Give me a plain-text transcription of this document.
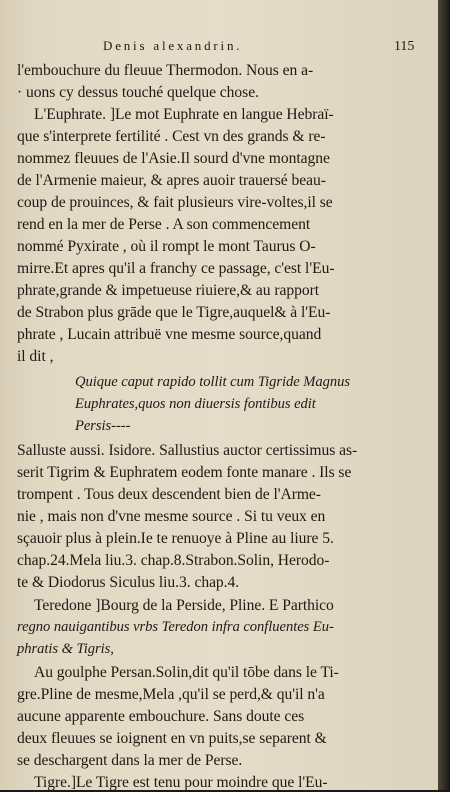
Denis alexandrin.	115
l'embouchure du fleuue Thermodon. Nous en a-
· uons cy dessus touché quelque chose.
L'Euphrate. ]Le mot Euphrate en langue Hebraï-
que s'interprete fertilité . Cest vn des grands & re-
nommez fleuues de l'Asie.Il sourd d'vne montagne
de l'Armenie maieur, & apres auoir trauersé beau-
coup de prouinces, & fait plusieurs vire-voltes,il se
rend en la mer de Perse . A son commencement
nommé Pyxirate , où il rompt le mont Taurus O-
mirre.Et apres qu'il a franchy ce passage, c'est l'Eu-
phrate,grande & impetueuse riuiere,& au rapport
de Strabon plus grāde que le Tigre,auquel& à l'Eu-
phrate , Lucain attribuë vne mesme source,quand
il dit ,
Quique caput rapido tollit cum Tigride Magnus
Euphrates,quos non diuersis fontibus edit
Persis----
Salluste aussi. Isidore. Sallustius auctor certissimus as-
serit Tigrim & Euphratem eodem fonte manare . Ils se
trompent . Tous deux descendent bien de l'Arme-
nie , mais non d'vne mesme source . Si tu veux en
sçauoir plus à plein.Ie te renuoye à Pline au liure 5.
chap.24.Mela liu.3. chap.8.Strabon.Solin, Herodo-
te & Diodorus Siculus liu.3. chap.4.
Teredone ]Bourg de la Perside, Pline. E Parthico
regno nauigantibus vrbs Teredon infra confluentes Eu-
phratis & Tigris,
Au goulphe Persan.Solin,dit qu'il tōbe dans le Ti-
gre.Pline de mesme,Mela ,qu'il se perd,& qu'il n'a
aucune apparente embouchure. Sans doute ces
deux fleuues se ioignent en vn puits,se separent &
se deschargent dans la mer de Perse.
Tigre.]Le Tigre est tenu pour moindre que l'Eu-
